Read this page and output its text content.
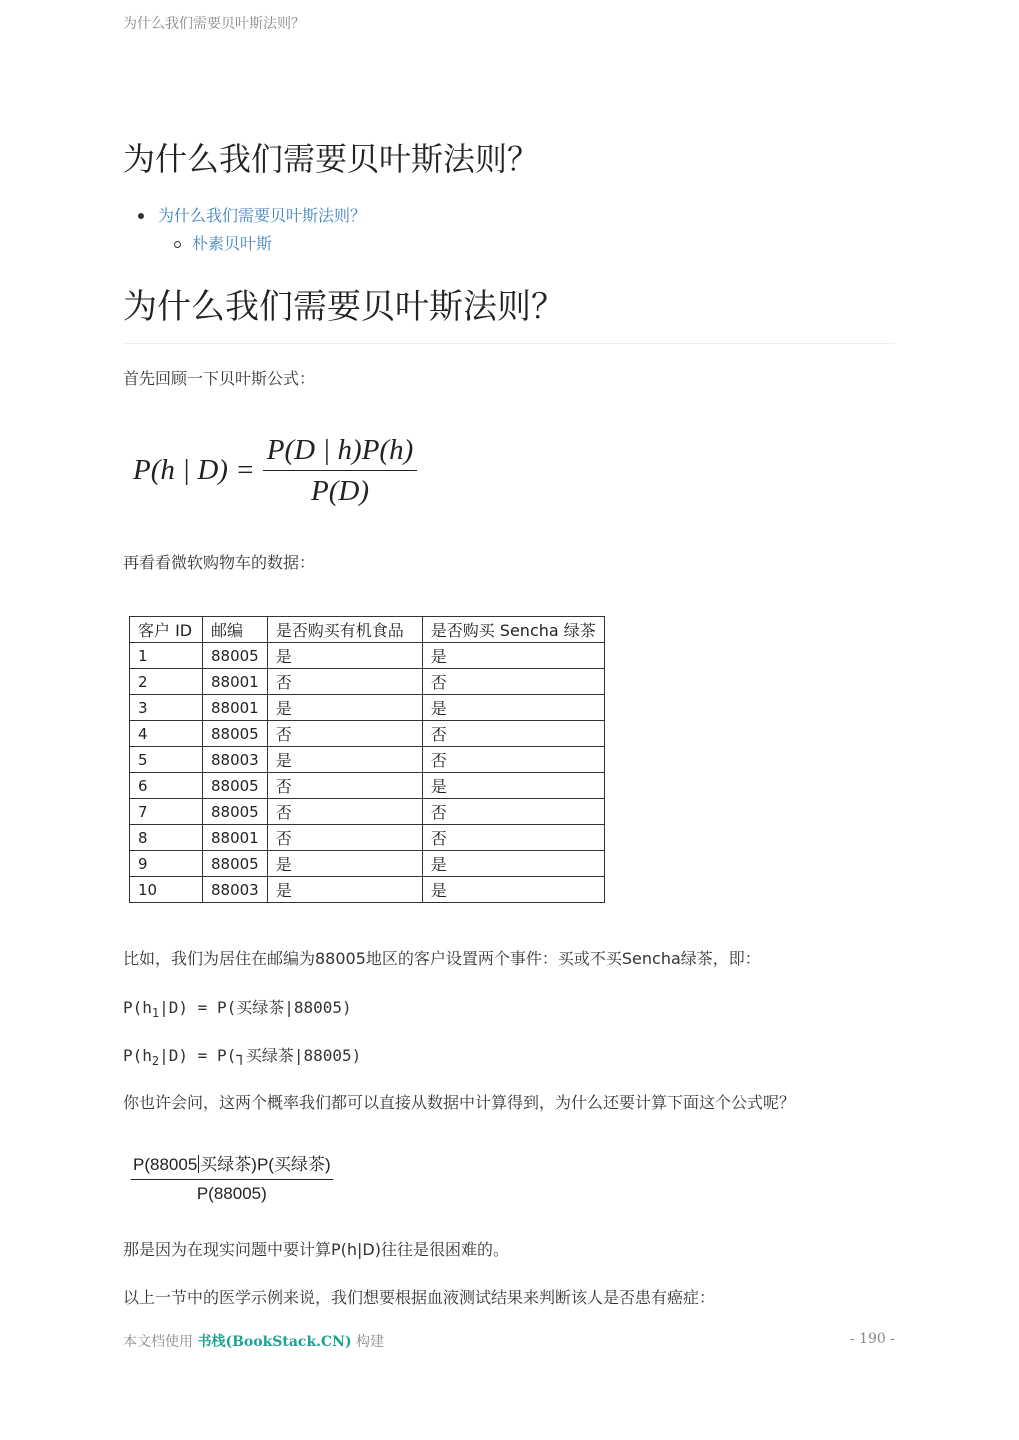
为什么我们需要贝叶斯法则？
为什么我们需要贝叶斯法则？
为什么我们需要贝叶斯法则？
朴素贝叶斯
为什么我们需要贝叶斯法则？

首先回顾一下贝叶斯公式：

P(h | $D) = \frac{P(D | h)P(h)}{P(D)}$

再看看微软购物车的数据：

客户 ID	邮编	是否购买有机食品	是否购买 Sencha 绿茶
1	88005	是	是
2	88001	否	否
3	88001	是	是
4	88005	否	否
5	88003	是	否
6	88005	否	是
7	88005	否	否
8	88001	否	否
9	88005	是	是
10	88003	是	是

比如，我们为居住在邮编为88005地区的客户设置两个事件：买或不买Sencha绿茶，即：

$P(h_1|D) = P$(买绿茶|88005)

$P(h_2|D)$ = P(┐买绿茶|88005)

你也许会问，这两个概率我们都可以直接从数据中计算得到，为什么还要计算下面这个公式呢？

P(88005 买绿茶)P(买绿茶)
P(88005)

那是因为在现实问题中要计算P(h|D)往往是很困难的。

以上一节中的医学示例来说，我们想要根据血液测试结果来判断该人是否患有癌症：

本文档使用 书栈(BookStack.CN) 构建	- 190 -
